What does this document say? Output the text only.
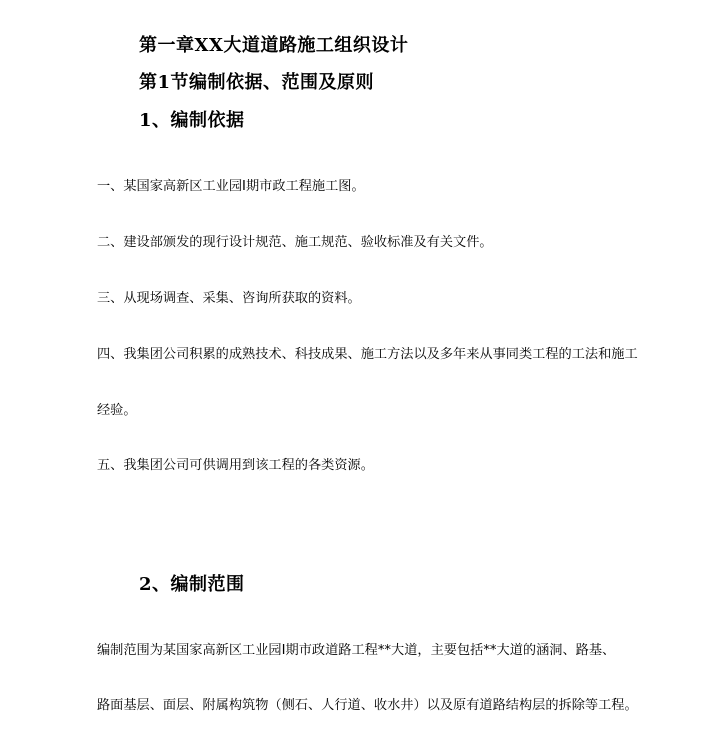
第一章XX大道道路施工组织设计
第1节编制依据、范围及原则
1、编制依据
一、某国家高新区工业园Ⅰ期市政工程施工图。
二、建设部颁发的现行设计规范、施工规范、验收标准及有关文件。
三、从现场调查、采集、咨询所获取的资料。
四、我集团公司积累的成熟技术、科技成果、施工方法以及多年来从事同类工程的工法和施工
经验。
五、我集团公司可供调用到该工程的各类资源。
2、编制范围
编制范围为某国家高新区工业园Ⅰ期市政道路工程**大道，主要包括**大道的涵洞、路基、
路面基层、面层、附属构筑物（侧石、人行道、收水井）以及原有道路结构层的拆除等工程。
